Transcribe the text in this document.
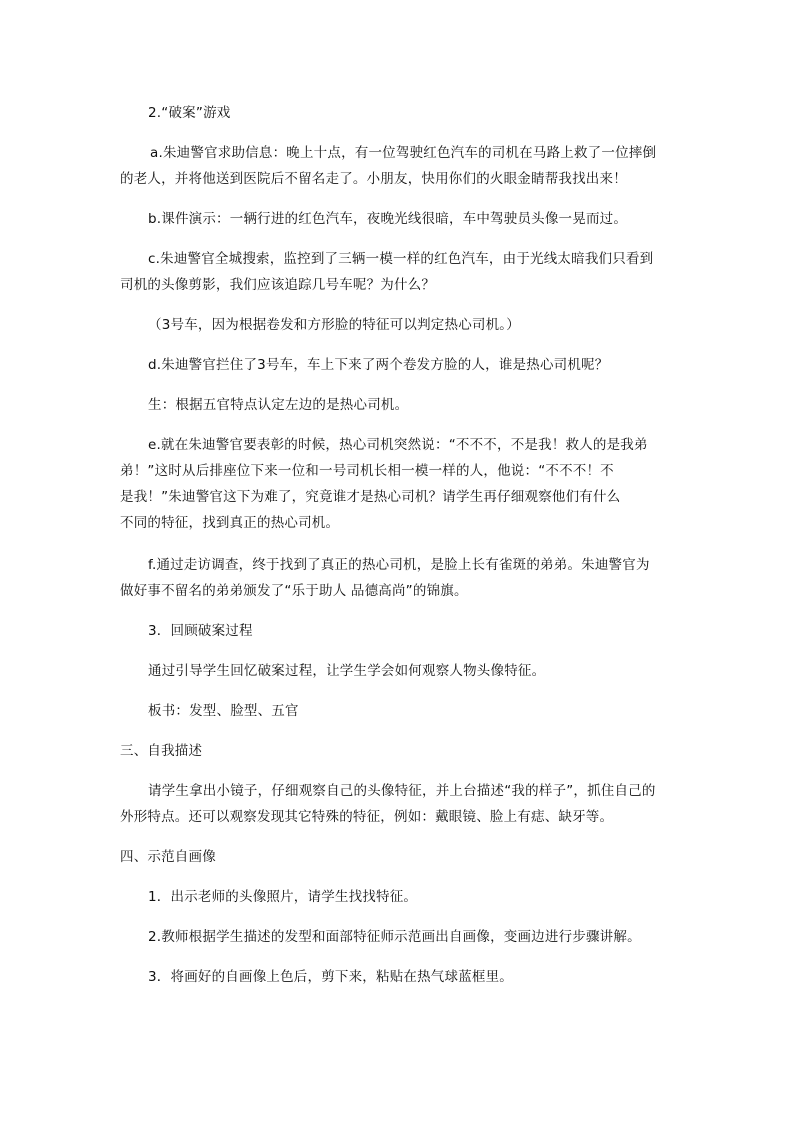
2.“破案”游戏

a.朱迪警官求助信息：晚上十点，有一位驾驶红色汽车的司机在马路上救了一位摔倒

的老人，并将他送到医院后不留名走了。小朋友，快用你们的火眼金睛帮我找出来！

b.课件演示：一辆行进的红色汽车，夜晚光线很暗，车中驾驶员头像一晃而过。

c.朱迪警官全城搜索，监控到了三辆一模一样的红色汽车，由于光线太暗我们只看到

司机的头像剪影，我们应该追踪几号车呢？为什么？

（3号车，因为根据卷发和方形脸的特征可以判定热心司机。）

d.朱迪警官拦住了3号车，车上下来了两个卷发方脸的人，谁是热心司机呢？

生：根据五官特点认定左边的是热心司机。

e.就在朱迪警官要表彰的时候，热心司机突然说：“不不不，不是我！救人的是我弟

弟！”这时从后排座位下来一位和一号司机长相一模一样的人，他说：“不不不！不

是我！”朱迪警官这下为难了，究竟谁才是热心司机？请学生再仔细观察他们有什么

不同的特征，找到真正的热心司机。

f.通过走访调查，终于找到了真正的热心司机，是脸上长有雀斑的弟弟。朱迪警官为

做好事不留名的弟弟颁发了“乐于助人 品德高尚”的锦旗。

3．回顾破案过程

通过引导学生回忆破案过程，让学生学会如何观察人物头像特征。

板书：发型、脸型、五官

三、自我描述

请学生拿出小镜子，仔细观察自己的头像特征，并上台描述“我的样子”，抓住自己的

外形特点。还可以观察发现其它特殊的特征，例如：戴眼镜、脸上有痣、缺牙等。

四、示范自画像

1．出示老师的头像照片，请学生找找特征。

2.教师根据学生描述的发型和面部特征师示范画出自画像，变画边进行步骤讲解。

3．将画好的自画像上色后，剪下来，粘贴在热气球蓝框里。
